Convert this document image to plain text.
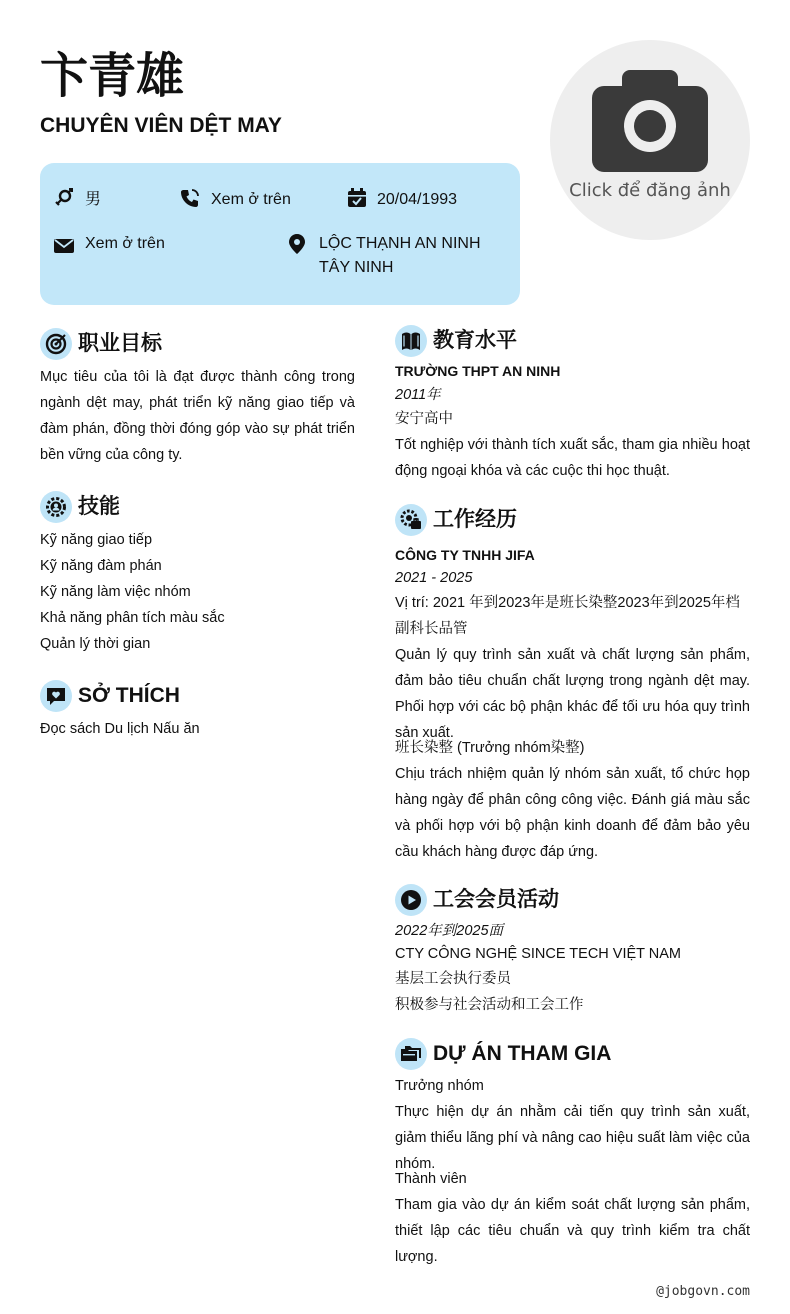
卞青雄
CHUYÊN VIÊN DỆT MAY
Click để đăng ảnh
男	Xem ở trên	20/04/1993
Xem ở trên	LỘC THẠNH AN NINH
TÂY NINH
职业目标
Mục tiêu của tôi là đạt được thành công trong ngành dệt may, phát triển kỹ năng giao tiếp và đàm phán, đồng thời đóng góp vào sự phát triển bền vững của công ty.
技能
Kỹ năng giao tiếp
Kỹ năng đàm phán
Kỹ năng làm việc nhóm
Khả năng phân tích màu sắc
Quản lý thời gian
SỞ THÍCH
Đọc sách Du lịch Nấu ăn
教育水平
TRƯỜNG THPT AN NINH
2011年
安宁高中
Tốt nghiệp với thành tích xuất sắc, tham gia nhiều hoạt động ngoại khóa và các cuộc thi học thuật.
工作经历
CÔNG TY TNHH JIFA
2021 - 2025
Vị trí: 2021 年到2023年是班长染整2023年到2025年档副科长品管
Quản lý quy trình sản xuất và chất lượng sản phẩm, đảm bảo tiêu chuẩn chất lượng trong ngành dệt may. Phối hợp với các bộ phận khác để tối ưu hóa quy trình sản xuất.
班长染整 (Trưởng nhóm染整)
Chịu trách nhiệm quản lý nhóm sản xuất, tổ chức họp hàng ngày để phân công công việc. Đánh giá màu sắc và phối hợp với bộ phận kinh doanh để đảm bảo yêu cầu khách hàng được đáp ứng.
工会会员活动
2022年到2025面
CTY CÔNG NGHỆ SINCE TECH VIỆT NAM
基层工会执行委员
积极参与社会活动和工会工作
DỰ ÁN THAM GIA
Trưởng nhóm
Thực hiện dự án nhằm cải tiến quy trình sản xuất, giảm thiểu lãng phí và nâng cao hiệu suất làm việc của nhóm.
Thành viên
Tham gia vào dự án kiểm soát chất lượng sản phẩm, thiết lập các tiêu chuẩn và quy trình kiểm tra chất lượng.
@jobgovn.com
